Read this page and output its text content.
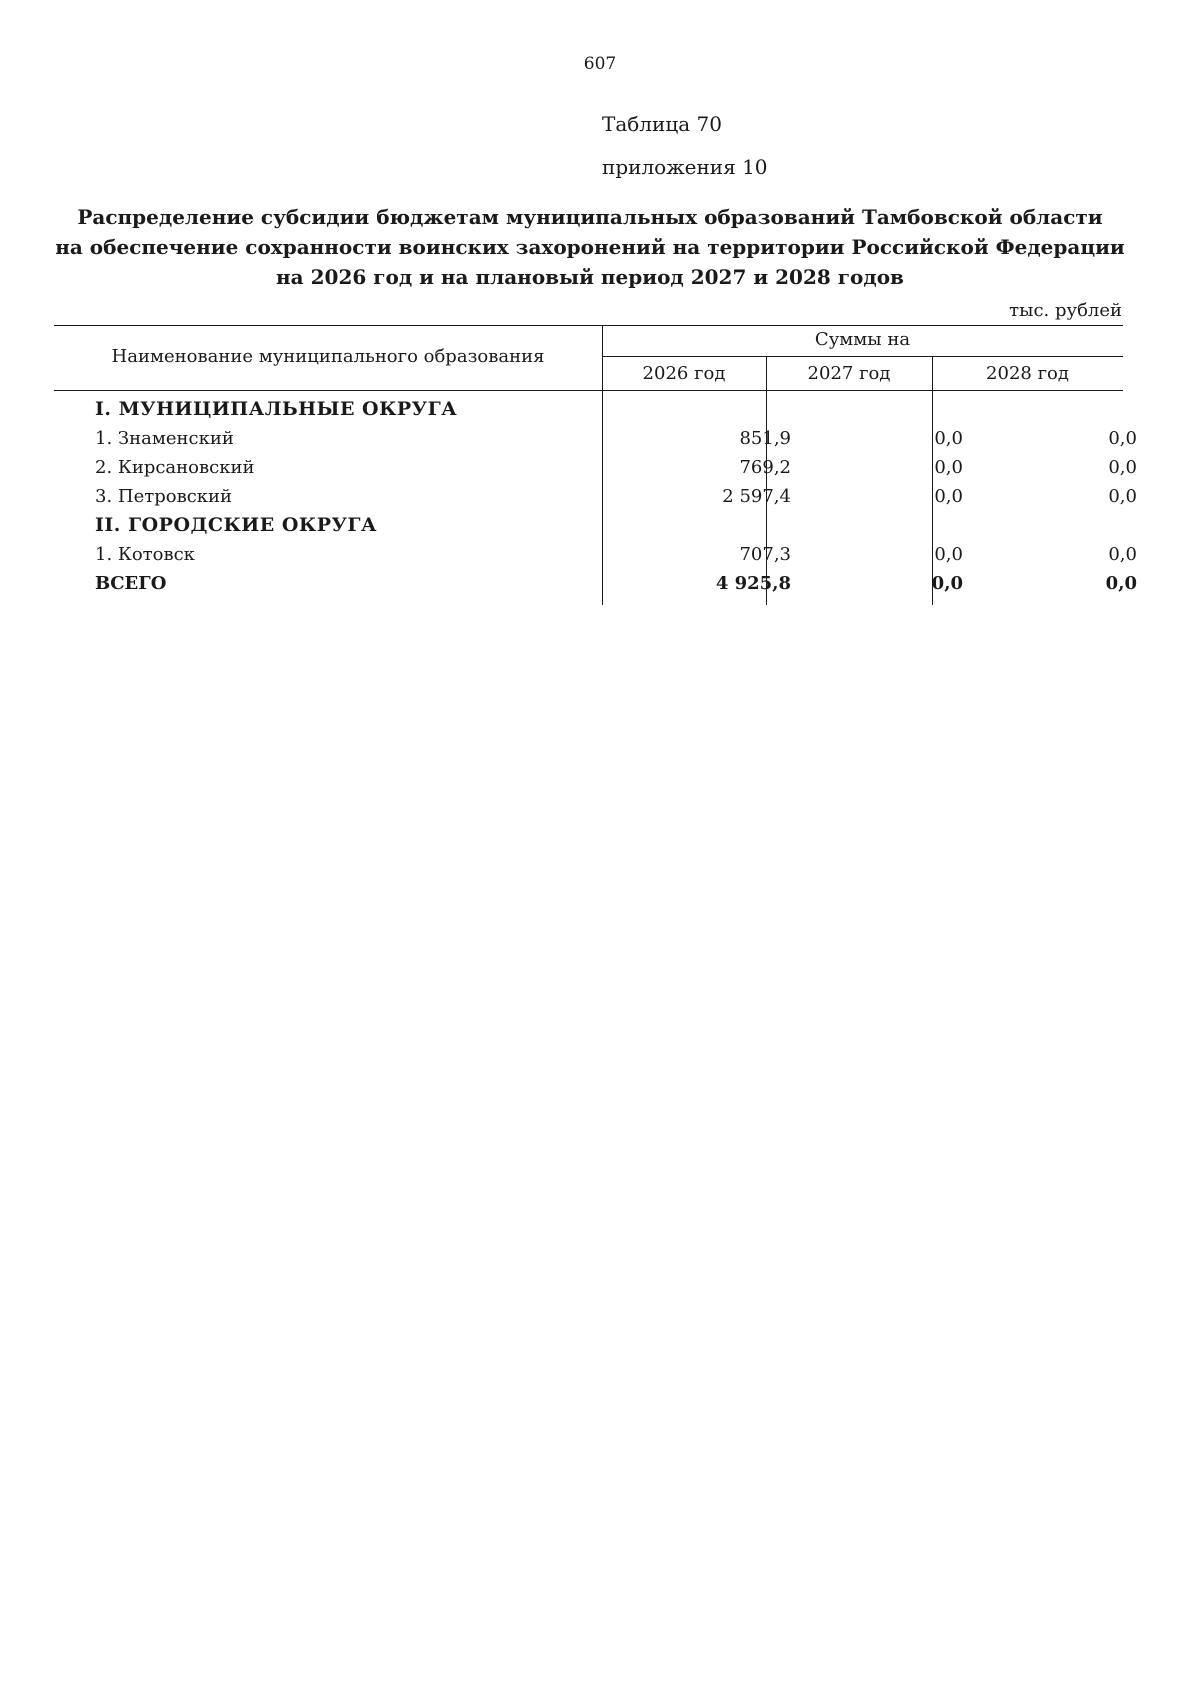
607
Таблица 70
приложения 10
Распределение субсидии бюджетам муниципальных образований Тамбовской области
на обеспечение сохранности воинских захоронений на территории Российской Федерации
на 2026 год и на плановый период 2027 и 2028 годов
тыс. рублей
Наименование муниципального образования
Суммы на
2026 год	2027 год	2028 год
I. МУНИЦИПАЛЬНЫЕ ОКРУГА
1. Знаменский	851,9	0,0	0,0
2. Кирсановский	769,2	0,0	0,0
3. Петровский	2 597,4	0,0	0,0
II. ГОРОДСКИЕ ОКРУГА
1. Котовск	707,3	0,0	0,0
ВСЕГО	4 925,8	0,0	0,0
